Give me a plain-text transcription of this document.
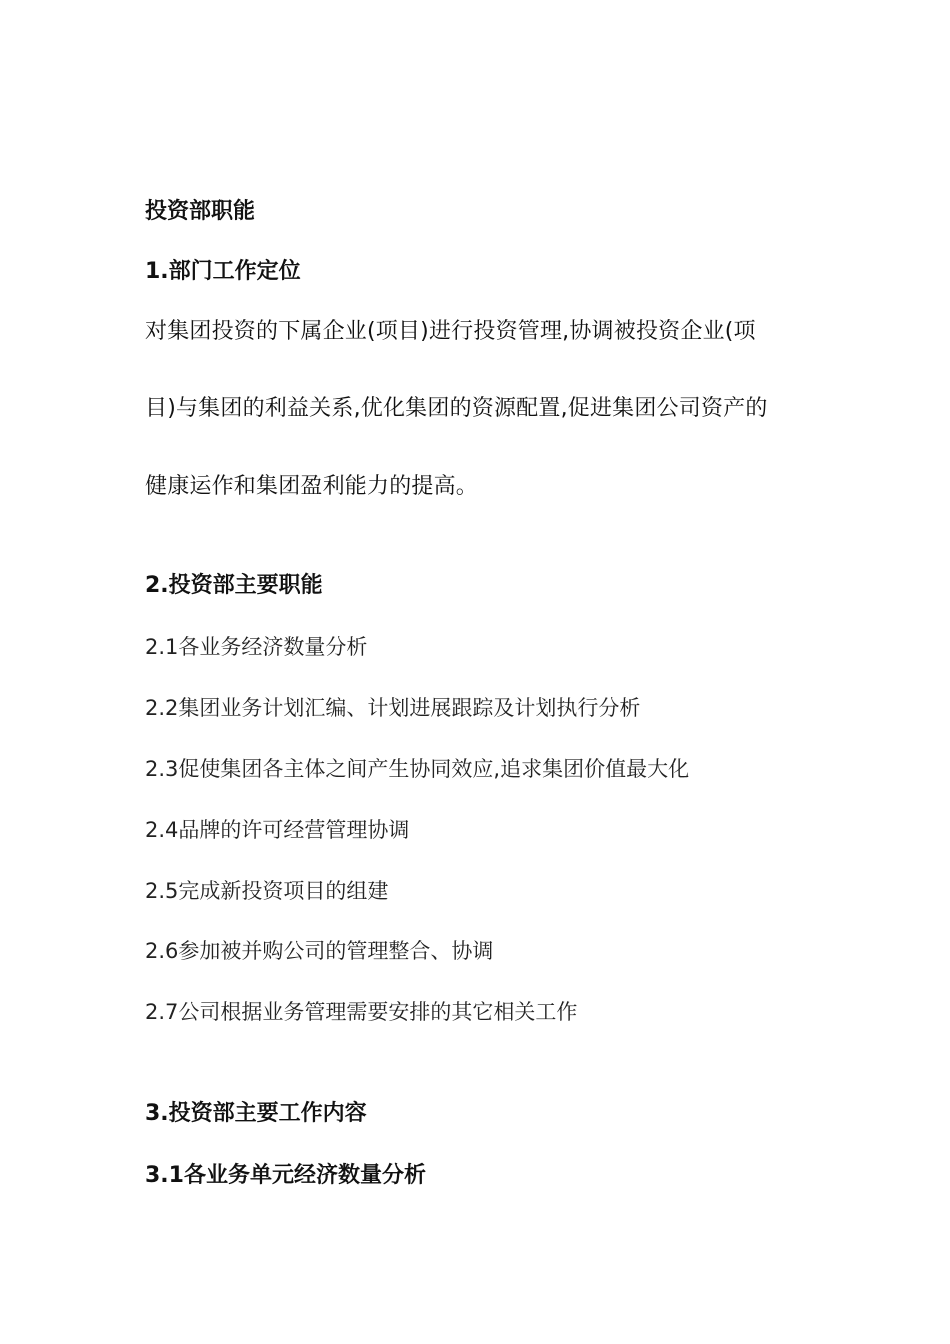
投资部职能
1.部门工作定位
对集团投资的下属企业(项目)进行投资管理,协调被投资企业(项
目)与集团的利益关系,优化集团的资源配置,促进集团公司资产的
健康运作和集团盈利能力的提高。
2.投资部主要职能
2.1各业务经济数量分析
2.2集团业务计划汇编、计划进展跟踪及计划执行分析
2.3促使集团各主体之间产生协同效应,追求集团价值最大化
2.4品牌的许可经营管理协调
2.5完成新投资项目的组建
2.6参加被并购公司的管理整合、协调
2.7公司根据业务管理需要安排的其它相关工作
3.投资部主要工作内容
3.1各业务单元经济数量分析
